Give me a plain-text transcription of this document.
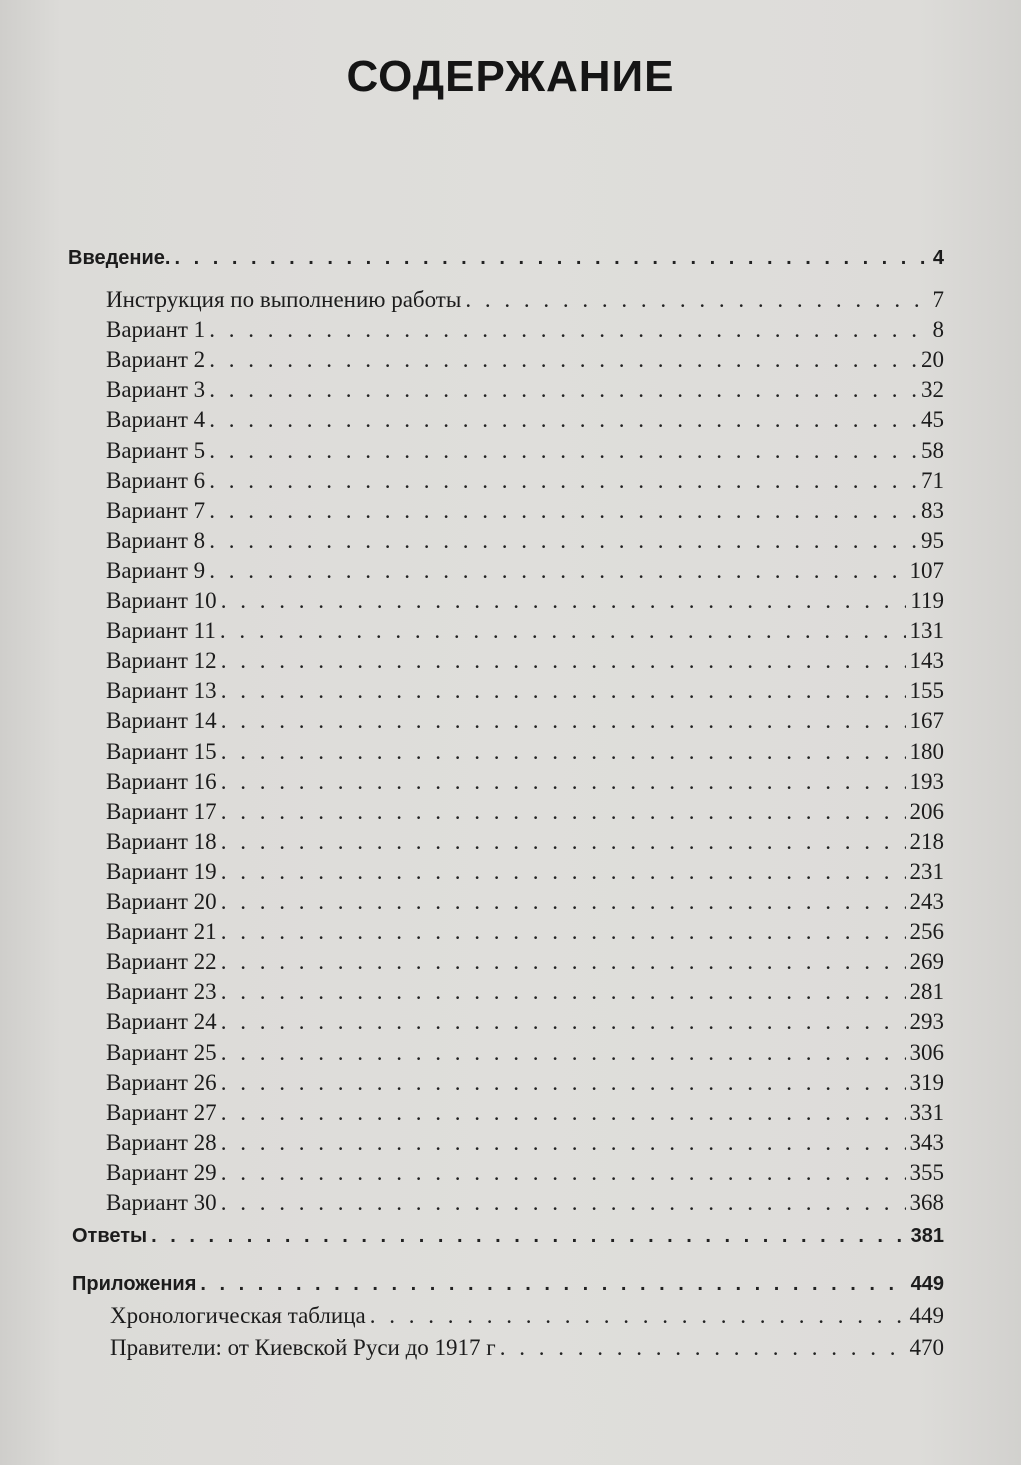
СОДЕРЖАНИЕ
Введение. . . .	4
Инструкция по выполнению работы . . .	7
Вариант 1 . . .	8
Вариант 2 . . .	20
Вариант 3 . . .	32
Вариант 4 . . .	45
Вариант 5 . . .	58
Вариант 6 . . .	71
Вариант 7 . . .	83
Вариант 8 . . .	95
Вариант 9 . . .	107
Вариант 10 . . .	119
Вариант 11 . . .	131
Вариант 12 . . .	143
Вариант 13 . . .	155
Вариант 14 . . .	167
Вариант 15 . . .	180
Вариант 16 . . .	193
Вариант 17 . . .	206
Вариант 18 . . .	218
Вариант 19 . . .	231
Вариант 20 . . .	243
Вариант 21 . . .	256
Вариант 22 . . .	269
Вариант 23 . . .	281
Вариант 24 . . .	293
Вариант 25 . . .	306
Вариант 26 . . .	319
Вариант 27 . . .	331
Вариант 28 . . .	343
Вариант 29 . . .	355
Вариант 30 . . .	368
Ответы . . .	381
Приложения . . .	449
Хронологическая таблица . . .	449
Правители: от Киевской Руси до 1917 г . . .	470
